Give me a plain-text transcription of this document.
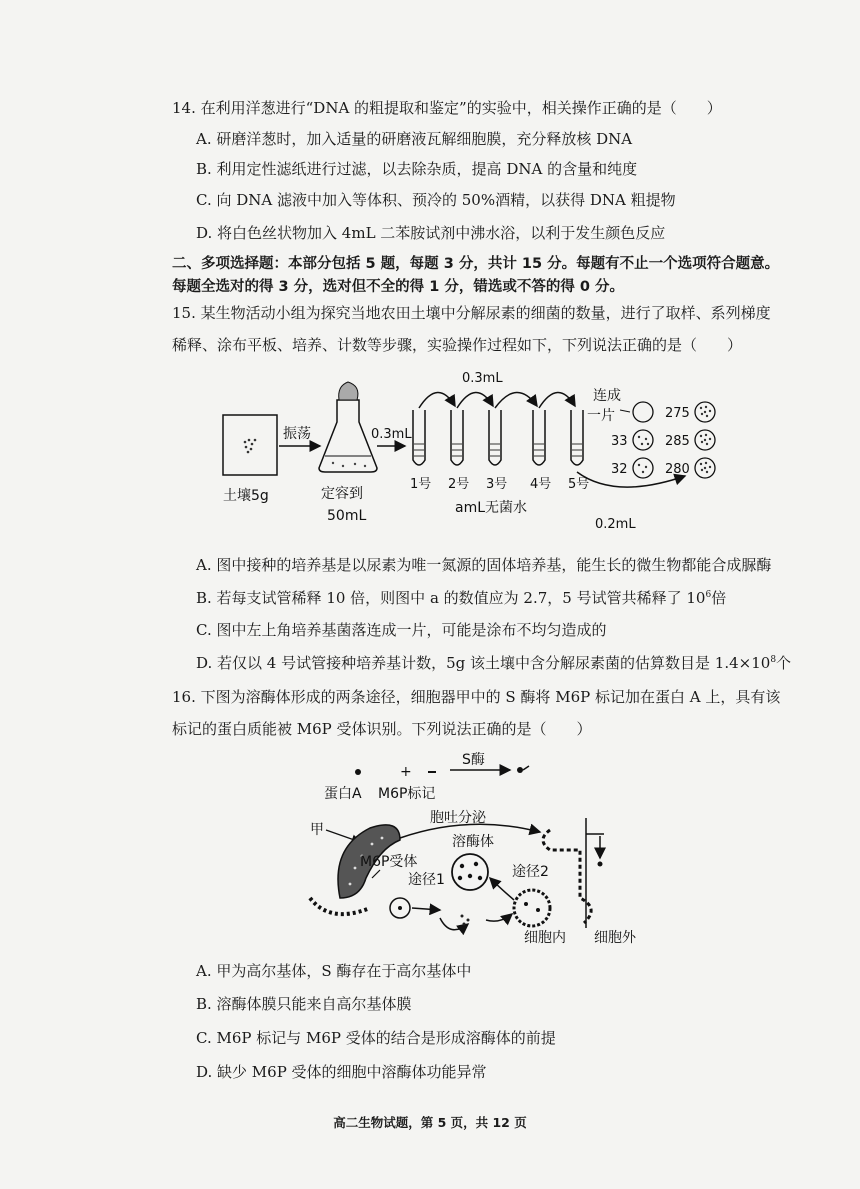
14. 在利用洋葱进行“DNA 的粗提取和鉴定”的实验中，相关操作正确的是（　　）
A. 研磨洋葱时，加入适量的研磨液瓦解细胞膜，充分释放核 DNA
B. 利用定性滤纸进行过滤，以去除杂质，提高 DNA 的含量和纯度
C. 向 DNA 滤液中加入等体积、预冷的 50%酒精，以获得 DNA 粗提物
D. 将白色丝状物加入 4mL 二苯胺试剂中沸水浴，以利于发生颜色反应
二、多项选择题：本部分包括 5 题，每题 3 分，共计 15 分。每题有不止一个选项符合题意。
每题全选对的得 3 分，选对但不全的得 1 分，错选或不答的得 0 分。
15. 某生物活动小组为探究当地农田土壤中分解尿素的细菌的数量，进行了取样、系列梯度
稀释、涂布平板、培养、计数等步骤，实验操作过程如下，下列说法正确的是（　　）
土壤5g
振荡
定容到
50mL
0.3mL
0.3mL
1号 2号 3号 4号 5号
amL无菌水
连成
一片
33
32
275
285
280
0.2mL
A. 图中接种的培养基是以尿素为唯一氮源的固体培养基，能生长的微生物都能合成脲酶
B. 若每支试管稀释 10 倍，则图中 a 的数值应为 2.7，5 号试管共稀释了 $10^6$倍
C. 图中左上角培养基菌落连成一片，可能是涂布不均匀造成的
D. 若仅以 4 号试管接种培养基计数，5g 该土壤中含分解尿素菌的估算数目是 $1.4\times 10^8$个
16. 下图为溶酶体形成的两条途径，细胞器甲中的 S 酶将 M6P 标记加在蛋白 A 上，具有该
标记的蛋白质能被 M6P 受体识别。下列说法正确的是（　　）
+
S酶
蛋白A M6P标记
胞吐分泌
甲
M6P受体
溶酶体
途径1	途径2
细胞内 细胞外
A. 甲为高尔基体，S 酶存在于高尔基体中
B. 溶酶体膜只能来自高尔基体膜
C. M6P 标记与 M6P 受体的结合是形成溶酶体的前提
D. 缺少 M6P 受体的细胞中溶酶体功能异常
高二生物试题，第 5 页，共 12 页
